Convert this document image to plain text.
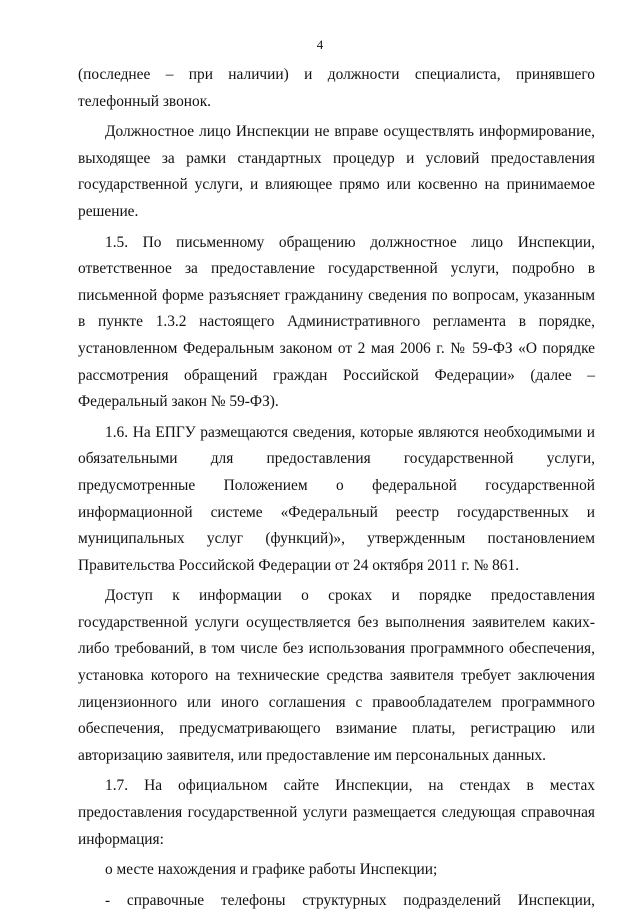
4

(последнее – при наличии) и должности специалиста, принявшего телефонный звонок.

Должностное лицо Инспекции не вправе осуществлять информирование, выходящее за рамки стандартных процедур и условий предоставления государственной услуги, и влияющее прямо или косвенно на принимаемое решение.

1.5. По письменному обращению должностное лицо Инспекции, ответственное за предоставление государственной услуги, подробно в письменной форме разъясняет гражданину сведения по вопросам, указанным в пункте 1.3.2 настоящего Административного регламента в порядке, установленном Федеральным законом от 2 мая 2006 г. № 59-ФЗ «О порядке рассмотрения обращений граждан Российской Федерации» (далее – Федеральный закон № 59-ФЗ).

1.6. На ЕПГУ размещаются сведения, которые являются необходимыми и обязательными для предоставления государственной услуги, предусмотренные Положением о федеральной государственной информационной системе «Федеральный реестр государственных и муниципальных услуг (функций)», утвержденным постановлением Правительства Российской Федерации от 24 октября 2011 г. № 861.

Доступ к информации о сроках и порядке предоставления государственной услуги осуществляется без выполнения заявителем каких-либо требований, в том числе без использования программного обеспечения, установка которого на технические средства заявителя требует заключения лицензионного или иного соглашения с правообладателем программного обеспечения, предусматривающего взимание платы, регистрацию или авторизацию заявителя, или предоставление им персональных данных.

1.7. На официальном сайте Инспекции, на стендах в местах предоставления государственной услуги размещается следующая справочная информация:

о месте нахождения и графике работы Инспекции;

- справочные телефоны структурных подразделений Инспекции,
